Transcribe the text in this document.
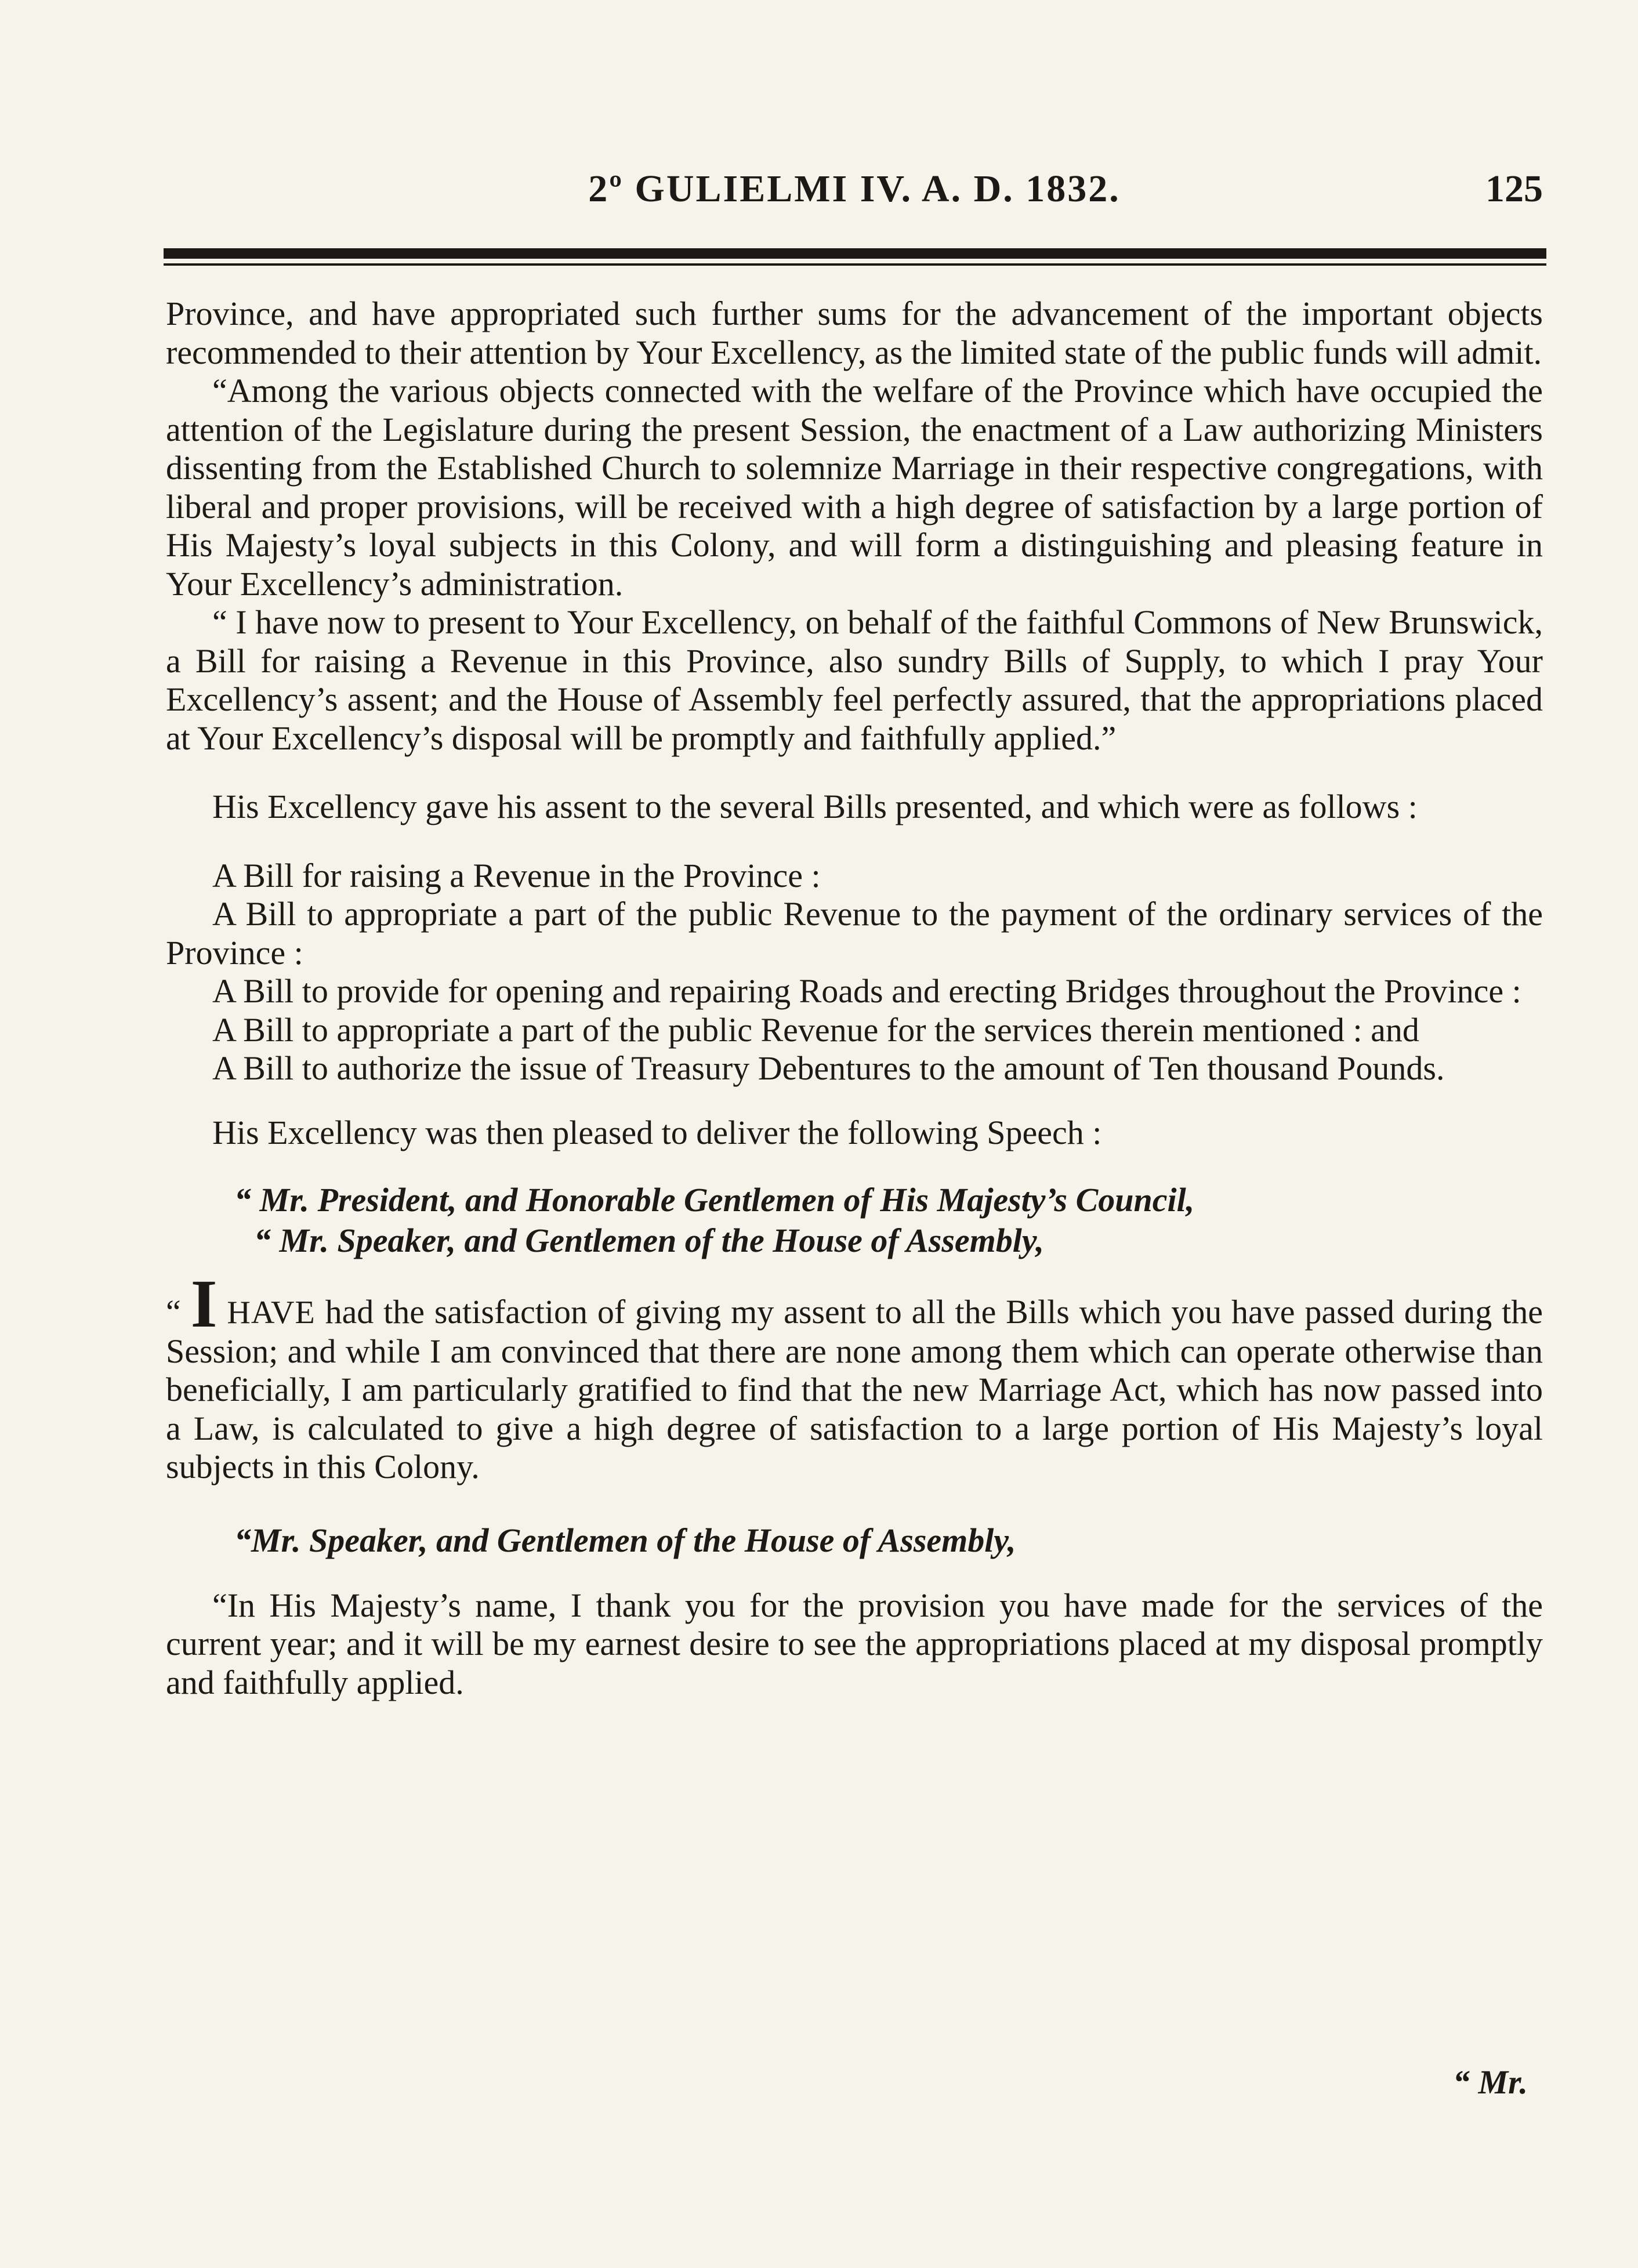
2º GULIELMI IV. A. D. 1832.	125

Province, and have appropriated such further sums for the advancement of the important objects recommended to their attention by Your Excellency, as the limited state of the public funds will admit.

“Among the various objects connected with the welfare of the Province which have occupied the attention of the Legislature during the present Session, the enactment of a Law authorizing Ministers dissenting from the Established Church to solemnize Marriage in their respective congregations, with liberal and proper provisions, will be received with a high degree of satisfaction by a large portion of His Majesty’s loyal subjects in this Colony, and will form a distinguishing and pleasing feature in Your Excellency’s administration.

“ I have now to present to Your Excellency, on behalf of the faithful Commons of New Brunswick, a Bill for raising a Revenue in this Province, also sundry Bills of Supply, to which I pray Your Excellency’s assent; and the House of Assembly feel perfectly assured, that the appropriations placed at Your Excellency’s disposal will be promptly and faithfully applied.”

His Excellency gave his assent to the several Bills presented, and which were as follows :

A Bill for raising a Revenue in the Province :

A Bill to appropriate a part of the public Revenue to the payment of the ordinary services of the Province :

A Bill to provide for opening and repairing Roads and erecting Bridges throughout the Province :

A Bill to appropriate a part of the public Revenue for the services therein mentioned : and

A Bill to authorize the issue of Treasury Debentures to the amount of Ten thousand Pounds.

His Excellency was then pleased to deliver the following Speech :

“ Mr. President, and Honorable Gentlemen of His Majesty’s Council,
“ Mr. Speaker, and Gentlemen of the House of Assembly,

“ I HAVE had the satisfaction of giving my assent to all the Bills which you have passed during the Session; and while I am convinced that there are none among them which can operate otherwise than beneficially, I am particularly gratified to find that the new Marriage Act, which has now passed into a Law, is calculated to give a high degree of satisfaction to a large portion of His Majesty’s loyal subjects in this Colony.

“Mr. Speaker, and Gentlemen of the House of Assembly,

“In His Majesty’s name, I thank you for the provision you have made for the services of the current year; and it will be my earnest desire to see the appropriations placed at my disposal promptly and faithfully applied.

“ Mr.
